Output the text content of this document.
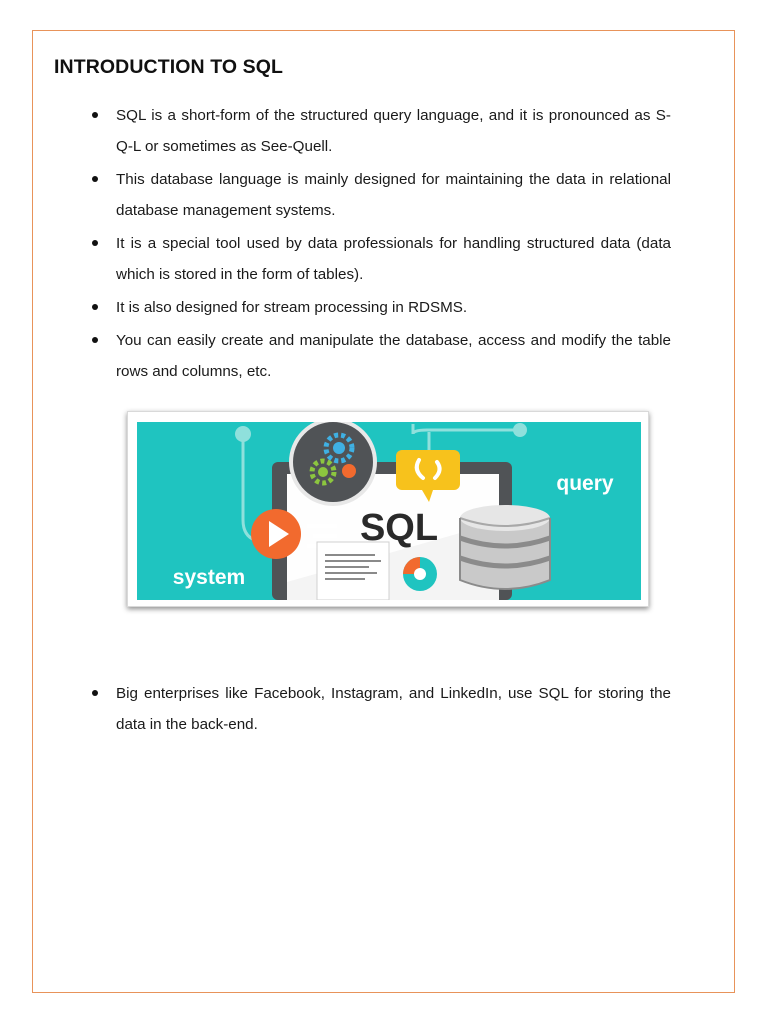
INTRODUCTION TO SQL
SQL is a short-form of the structured query language, and it is pronounced as S-Q-L or sometimes as See-Quell.
This database language is mainly designed for maintaining the data in relational database management systems.
It is a special tool used by data professionals for handling structured data (data which is stored in the form of tables).
It is also designed for stream processing in RDSMS.
You can easily create and manipulate the database, access and modify the table rows and columns, etc.
SQL
query
system
Big enterprises like Facebook, Instagram, and LinkedIn, use SQL for storing the data in the back-end.
